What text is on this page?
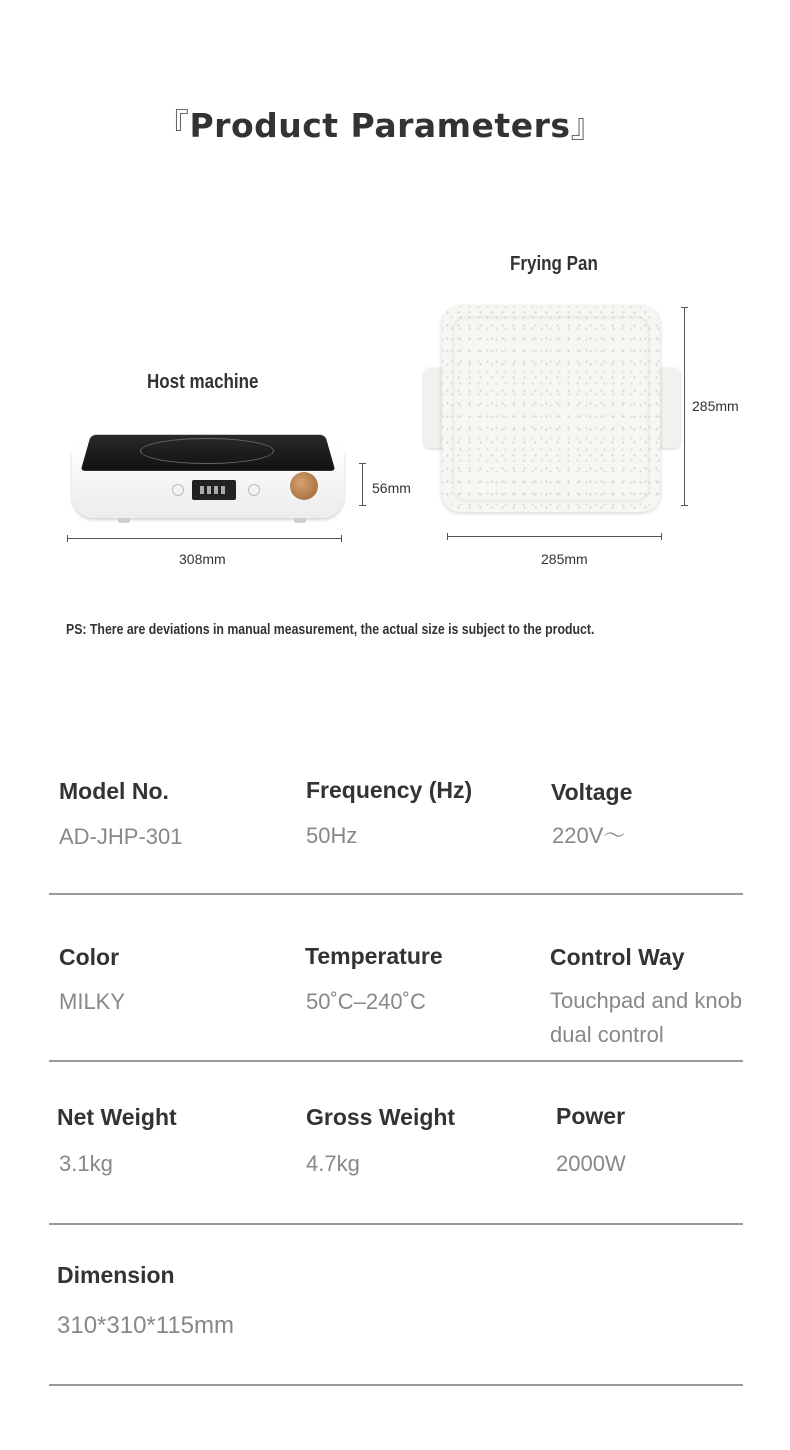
『Product Parameters』
Frying Pan
Host machine
308mm
56mm
285mm
285mm
PS: There are deviations in manual measurement, the actual size is subject to the product.
Model No.
AD-JHP-301
Frequency (Hz)
50Hz
Voltage
220V～
Color
MILKY
Temperature
50˚C–240˚C
Control Way
Touchpad and knob
dual control
Net Weight
3.1kg
Gross Weight
4.7kg
Power
2000W
Dimension
310*310*115mm
